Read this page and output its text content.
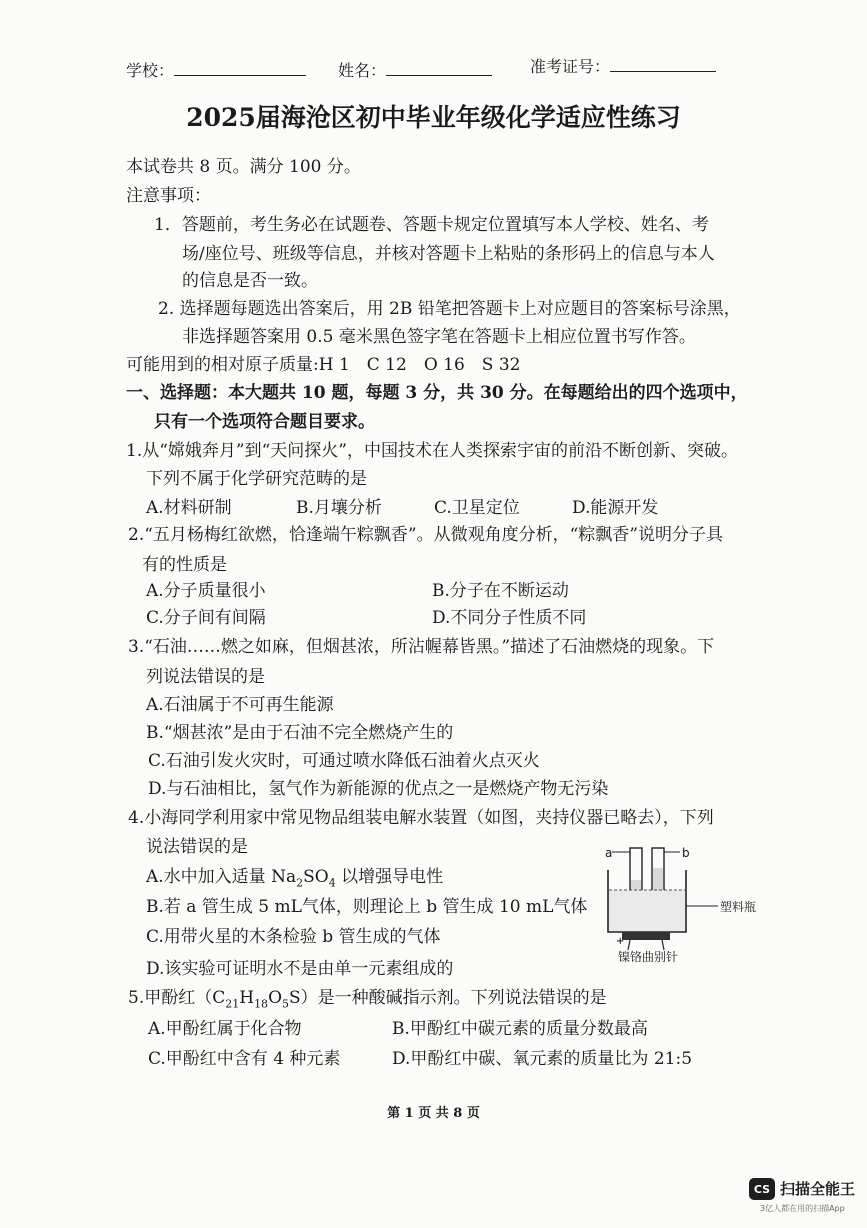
学校：	姓名：	准考证号：
2025届海沧区初中毕业年级化学适应性练习
本试卷共 8 页。满分 100 分。
注意事项：
1．答题前，考生务必在试题卷、答题卡规定位置填写本人学校、姓名、考
场/座位号、班级等信息，并核对答题卡上粘贴的条形码上的信息与本人
的信息是否一致。
2. 选择题每题选出答案后，用 2B 铅笔把答题卡上对应题目的答案标号涂黑，
非选择题答案用 0.5 毫米黑色签字笔在答题卡上相应位置书写作答。
可能用到的相对原子质量:H 1　C 12　O 16　S 32
一、选择题：本大题共 10 题，每题 3 分，共 30 分。在每题给出的四个选项中，
只有一个选项符合题目要求。
1.从“嫦娥奔月”到“天问探火”，中国技术在人类探索宇宙的前沿不断创新、突破。
下列不属于化学研究范畴的是
A.材料研制	B.月壤分析	C.卫星定位	D.能源开发
2.“五月杨梅红欲燃，恰逢端午粽飘香”。从微观角度分析，“粽飘香”说明分子具
有的性质是
A.分子质量很小	B.分子在不断运动
C.分子间有间隔	D.不同分子性质不同
3.“石油……燃之如麻，但烟甚浓，所沾幄幕皆黑。”描述了石油燃烧的现象。下
列说法错误的是
A.石油属于不可再生能源
B.“烟甚浓”是由于石油不完全燃烧产生的
C.石油引发火灾时，可通过喷水降低石油着火点灭火
D.与石油相比，氢气作为新能源的优点之一是燃烧产物无污染
4.小海同学利用家中常见物品组装电解水装置（如图，夹持仪器已略去），下列
说法错误的是
A.水中加入适量 $Na_2SO_4$ 以增强导电性
B.若 a 管生成 5 mL气体，则理论上 b 管生成 10 mL气体
C.用带火星的木条检验 b 管生成的气体
D.该实验可证明水不是由单一元素组成的
+
a	b
塑料瓶
镍铬曲别针
5.甲酚红$(C_{21}H_{18}O_5S)$是一种酸碱指示剂。下列说法错误的是
A.甲酚红属于化合物	B.甲酚红中碳元素的质量分数最高
C.甲酚红中含有 4 种元素	D.甲酚红中碳、氧元素的质量比为 21:5
第 1 页 共 8 页
CS 扫描全能王
3亿人都在用的扫描App
